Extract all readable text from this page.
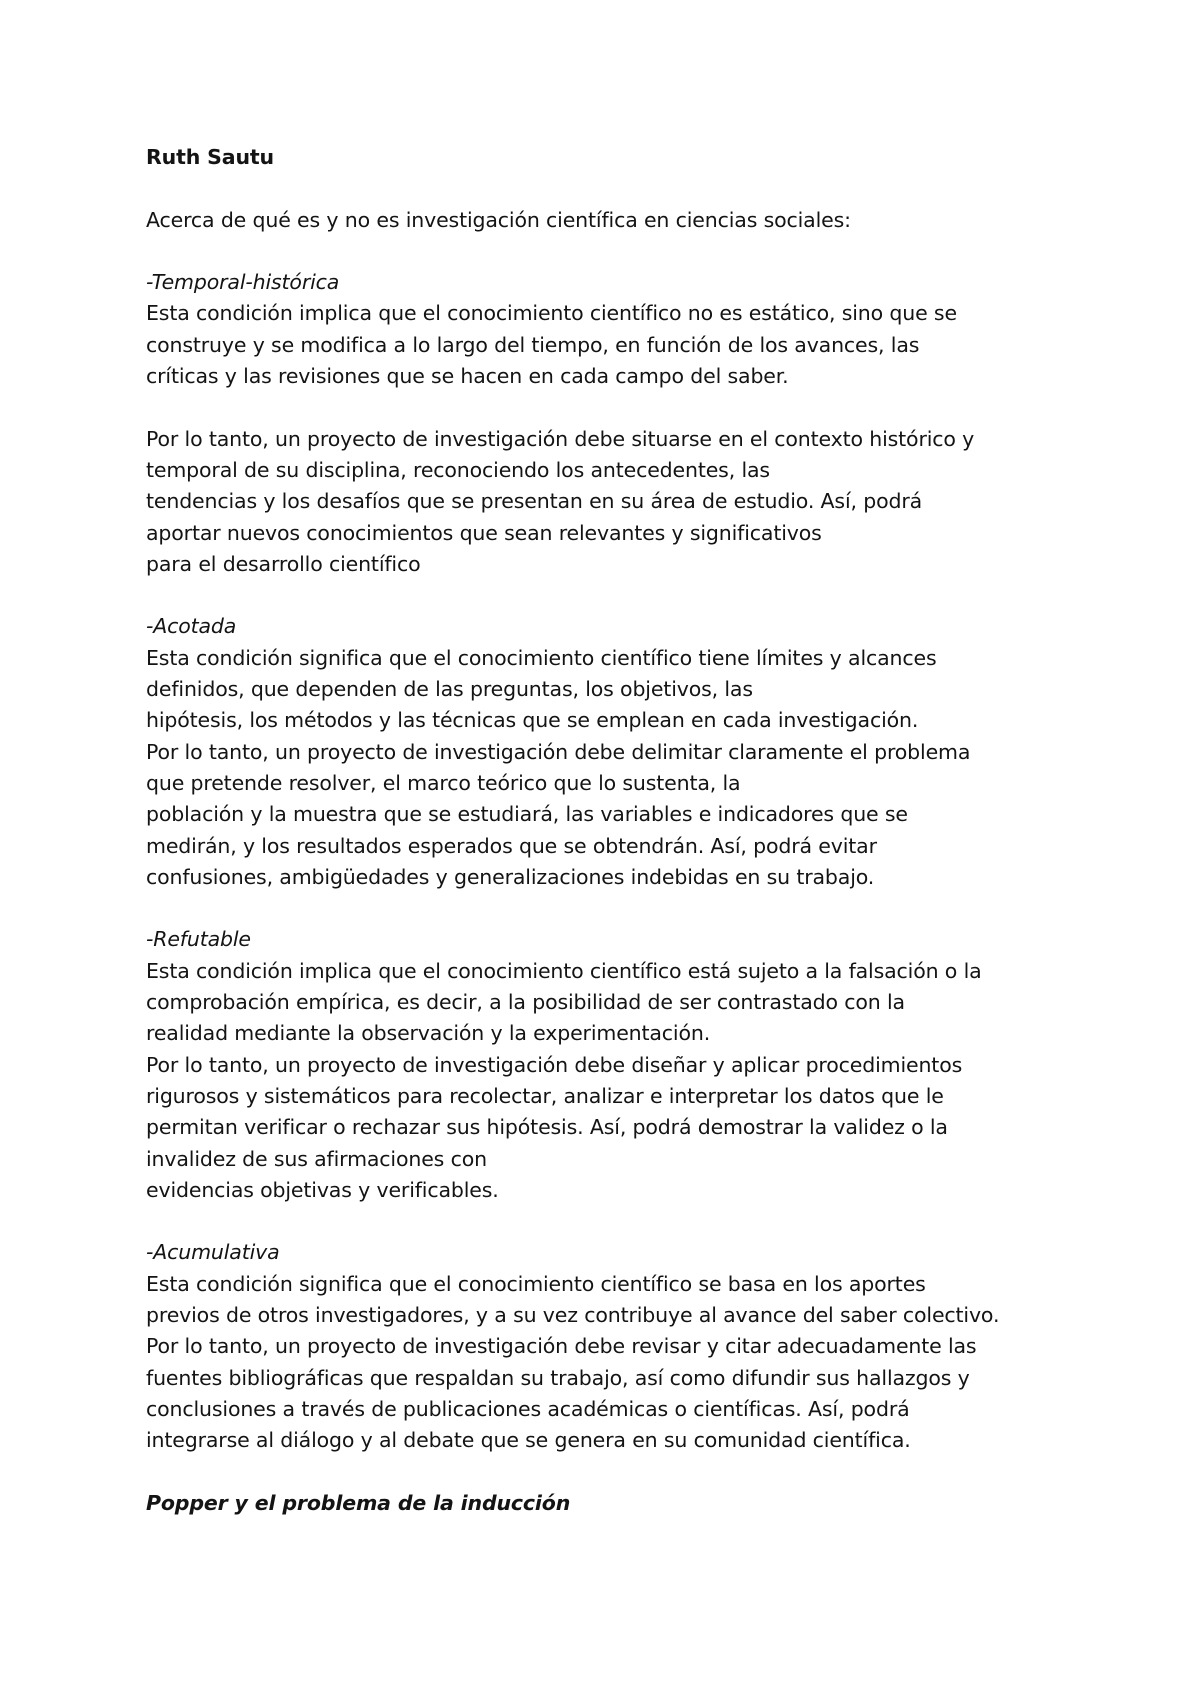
Ruth Sautu
Acerca de qué es y no es investigación científica en ciencias sociales:
-Temporal-histórica
Esta condición implica que el conocimiento científico no es estático, sino que se
construye y se modifica a lo largo del tiempo, en función de los avances, las
críticas y las revisiones que se hacen en cada campo del saber.
Por lo tanto, un proyecto de investigación debe situarse en el contexto histórico y
temporal de su disciplina, reconociendo los antecedentes, las
tendencias y los desafíos que se presentan en su área de estudio. Así, podrá
aportar nuevos conocimientos que sean relevantes y significativos
para el desarrollo científico
-Acotada
Esta condición significa que el conocimiento científico tiene límites y alcances
definidos, que dependen de las preguntas, los objetivos, las
hipótesis, los métodos y las técnicas que se emplean en cada investigación.
Por lo tanto, un proyecto de investigación debe delimitar claramente el problema
que pretende resolver, el marco teórico que lo sustenta, la
población y la muestra que se estudiará, las variables e indicadores que se
medirán, y los resultados esperados que se obtendrán. Así, podrá evitar
confusiones, ambigüedades y generalizaciones indebidas en su trabajo.
-Refutable
Esta condición implica que el conocimiento científico está sujeto a la falsación o la
comprobación empírica, es decir, a la posibilidad de ser contrastado con la
realidad mediante la observación y la experimentación.
Por lo tanto, un proyecto de investigación debe diseñar y aplicar procedimientos
rigurosos y sistemáticos para recolectar, analizar e interpretar los datos que le
permitan verificar o rechazar sus hipótesis. Así, podrá demostrar la validez o la
invalidez de sus afirmaciones con
evidencias objetivas y verificables.
-Acumulativa
Esta condición significa que el conocimiento científico se basa en los aportes
previos de otros investigadores, y a su vez contribuye al avance del saber colectivo.
Por lo tanto, un proyecto de investigación debe revisar y citar adecuadamente las
fuentes bibliográficas que respaldan su trabajo, así como difundir sus hallazgos y
conclusiones a través de publicaciones académicas o científicas. Así, podrá
integrarse al diálogo y al debate que se genera en su comunidad científica.
Popper y el problema de la inducción
